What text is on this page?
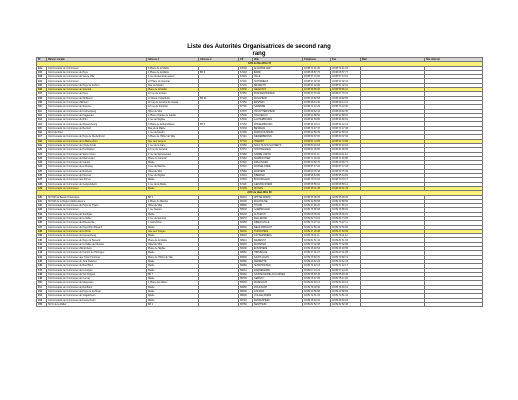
Liste des Autorités Organisatrices de second rang
rang
ID	Raison sociale	Adresse 1	Adresse 2	CP	Ville	Téléphone	Fax	Mail	Site internet
AOS du Bas-Rhin 67									
101	Communauté de Communes	5 Place de la Mairie		67000	ALLENWILLER	03 88 71 41 00	03 88 71 41 01		
102	Communauté de Communes du Pays	1 Place de la Mairie	BP 6	67140	BARR	03 88 08 57 76	03 88 08 57 77		
103	Communauté de Communes du Val de Villé	4 rue du Général Leclerc		67220	VILLE	03 88 57 13 00	03 88 57 13 01		
104	Communauté de Communes	23 Place du Général		67130	SCHIRMECK	03 88 97 02 30	03 88 97 02 31		
105	Communauté de Communes du Pays de la Zorn	Rue du Moulin		67170	BRUMATH	03 88 51 02 00	03 88 51 02 01		
106	Communauté de Communes de Sélestat	Place de la Mairie		67600	SELESTAT	03 88 58 85 00	03 88 58 85 01		
107	Communauté de Communes du Pays	12 rue de la Gare		67350	PFAFFENHOFFEN	03 88 07 70 20	03 88 07 70 21		
108	Communauté de Communes de Molsheim	17 Route Industrielle	BP 91	67120	MOLSHEIM	03 88 49 82 58	03 88 49 82 59		
109	Communauté de Communes d'Erstein	16 rue du Général de Gaulle		67150	ERSTEIN	03 88 98 14 30	03 88 98 14 31		
110	Communauté de Communes de Saverne	12 rue du Zornthal		67700	SAVERNE	03 88 71 12 29	03 88 71 12 30		
111	Communauté de Communes du Kochersberg	Hôtel de Ville		67370	TRUCHTERSHEIM	03 88 69 62 34	03 88 69 62 35		
112	Communauté de Communes de Haguenau	1 Place Charles de Gaulle		67500	HAGUENAU	03 88 90 68 50	03 88 90 68 51		
113	Communauté de Communes du Rhin	2 rue de l'Eglise		67630	LAUTERBOURG	03 88 94 80 80	03 88 94 80 81		
114	Communauté de Communes de Wissembourg	6 Place de la République	BP 5	67160	WISSEMBOURG	03 88 94 10 11	03 88 94 10 12		
115	Communauté de Communes de Benfeld	Rue de la Mairie		67230	BENFELD	03 88 74 47 37	03 88 74 47 38		
116	SIVU du Ried	1 rue du Moulin		67390	MARCKOLSHEIM	03 88 92 50 09	03 88 92 50 10		
117	Communauté de Communes du Pays de Niederbronn	6 Place de l'Hôtel de Ville		67110	NIEDERBRONN	03 88 80 37 00	03 88 80 37 01		
118	Communauté de Communes de la Basse-Zorn	Rue des Vergers		67720	HOERDT	03 88 51 72 85	03 88 51 72 86		
119	Communauté de Communes de l'Outre-Forêt	1 rue de la Gare		67250	SOULTZ-SOUS-FORETS	03 88 80 40 63	03 88 80 40 64		
120	Communauté de Communes de Hochfelden	43 rue du Général		67270	HOCHFELDEN	03 88 91 96 55	03 88 91 96 56		
121	Communauté de Communes de Sarre-Union	2 rue de Sarrewerden		67260	SARRE-UNION	03 88 00 11 11	03 88 00 11 12		
122	Communauté de Communes de Marmoutier	Place du Général		67440	MARMOUTIER	03 88 71 46 84	03 88 71 46 85		
123	Communauté de Communes du Canton	Mairie		67320	DRULINGEN	03 88 00 60 70	03 88 00 60 71		
124	Communauté de Communes de la Mossig	6 rue du Marché		67310	WASSELONNE	03 88 87 17 22	03 88 87 17 23		
125	Communauté de Communes de Rosheim	Hôtel de Ville		67560	ROSHEIM	03 88 50 75 38	03 88 50 75 39		
126	Communauté de Communes du Piémont	5 rue de l'Eglise		67210	OBERNAI	03 88 95 64 80	03 88 95 64 81		
127	Communauté de Communes des Portes	Mairie		67330	BOUXWILLER	03 88 70 70 16	03 88 70 70 17		
128	Communauté de Communes de Geispolsheim	1 rue de la Mairie		67118	GEISPOLSHEIM	03 88 68 58 10	03 88 68 58 11		
129	Communauté de Communes	Mairie		67190	MUTZIG	03 88 38 31 38	03 88 38 31 39		
AOS du Haut-Rhin 68									
130	SIVOM du Bassin Potassique	BP 1		68310	WITTELSHEIM	03 89 55 08 25	03 89 55 08 26		
131	SIVOM de la Région Mulhousienne	4 Place du Marché		68100	MULHOUSE	03 89 32 58 58	03 89 32 58 59		
132	Communauté de Communes du Pays de Thann	Hôtel de Ville		68800	THANN	03 89 37 96 20	03 89 37 96 21		
133	Communauté de Communes	1 rue Nessel		68500	GUEBWILLER	03 89 76 85 08	03 89 76 85 09		
134	Communauté de Communes du Sundgau	Mairie		68130	ALTKIRCH	03 89 08 36 00	03 89 08 36 01		
135	Communauté de Communes de la Vallée	2 rue du Général		68470	FELLERING	03 89 82 74 64	03 89 82 74 65		
136	Communauté de Communes de Ribeauvillé	1 Grand Rue		68150	RIBEAUVILLE	03 89 73 27 10	03 89 73 27 11		
137	Communauté de Communes du Pays Rhin-Brisach	Mairie		68600	NEUF-BRISACH	03 89 72 56 49	03 89 72 56 50		
138	Communauté de Communes de la Porte	Rue des Vosges		68230	TURCKHEIM	03 89 27 18 08	03 89 27 18 09		
139	Communauté de Communes de Kaysersberg	Mairie		68240	KAYSERSBERG	03 89 78 11 11	03 89 78 11 12		
140	Communauté de Communes du Pays de Sierentz	Place de la Mairie		68510	SIERENTZ	03 89 81 51 32	03 89 81 51 33		
141	Communauté de Communes de la Vallée de Munster	Hôtel de Ville		68140	MUNSTER	03 89 77 32 98	03 89 77 32 99		
142	Communauté de Communes d'Ensisheim	Place de l'Eglise		68190	ENSISHEIM	03 89 26 49 54	03 89 26 49 55		
143	Communauté de Communes du Canton de Hirsingue	Mairie		68560	HIRSINGUE	03 89 07 31 07	03 89 07 31 08		
144	Communauté de Communes des Trois Frontières	Place de l'Hôtel de Ville		68300	SAINT-LOUIS	03 89 70 90 70	03 89 70 90 71		
145	Communauté de Communes du Jura Alsacien	Mairie		68480	FERRETTE	03 89 40 42 22	03 89 40 42 23		
146	Communauté de Communes du Ried Brun	Mairie		68280	SUNDHOFFEN	03 89 71 42 16	03 89 71 42 17		
147	Communauté de Communes de la Largue	Mairie		68210	DANNEMARIE	03 89 07 24 24	03 89 07 24 25		
148	Communauté de Communes du Val d'Argent	BP 7		68160	SAINTE-MARIE-AUX-MINES	03 89 58 83 45	03 89 58 83 46		
149	Communauté de Communes de Cernay	Mairie		68700	CERNAY	03 89 75 47 25	03 89 75 47 26		
150	Communauté de Communes de Masevaux	1 Place des Alliés		68290	MASEVAUX	03 89 82 40 13	03 89 82 40 14		
151	Communauté de Communes de Rouffach	Mairie		68250	ROUFFACH	03 89 78 03 00	03 89 78 03 01		
152	Communauté de Communes du Pays de la Zinsel	Mairie		68000	COLMAR	03 89 20 68 68	03 89 20 68 69		
153	Communauté de Communes de Volgelsheim	Mairie		68600	VOLGELSHEIM	03 89 72 51 33	03 89 72 51 34		
154	Communauté de Communes de Fessenheim	Mairie		68740	FESSENHEIM	03 89 48 60 02	03 89 48 60 03		
155	SIVU de la Doller	BP 1		68780	SENTHEIM	03 89 82 52 37	03 89 82 52 38		
